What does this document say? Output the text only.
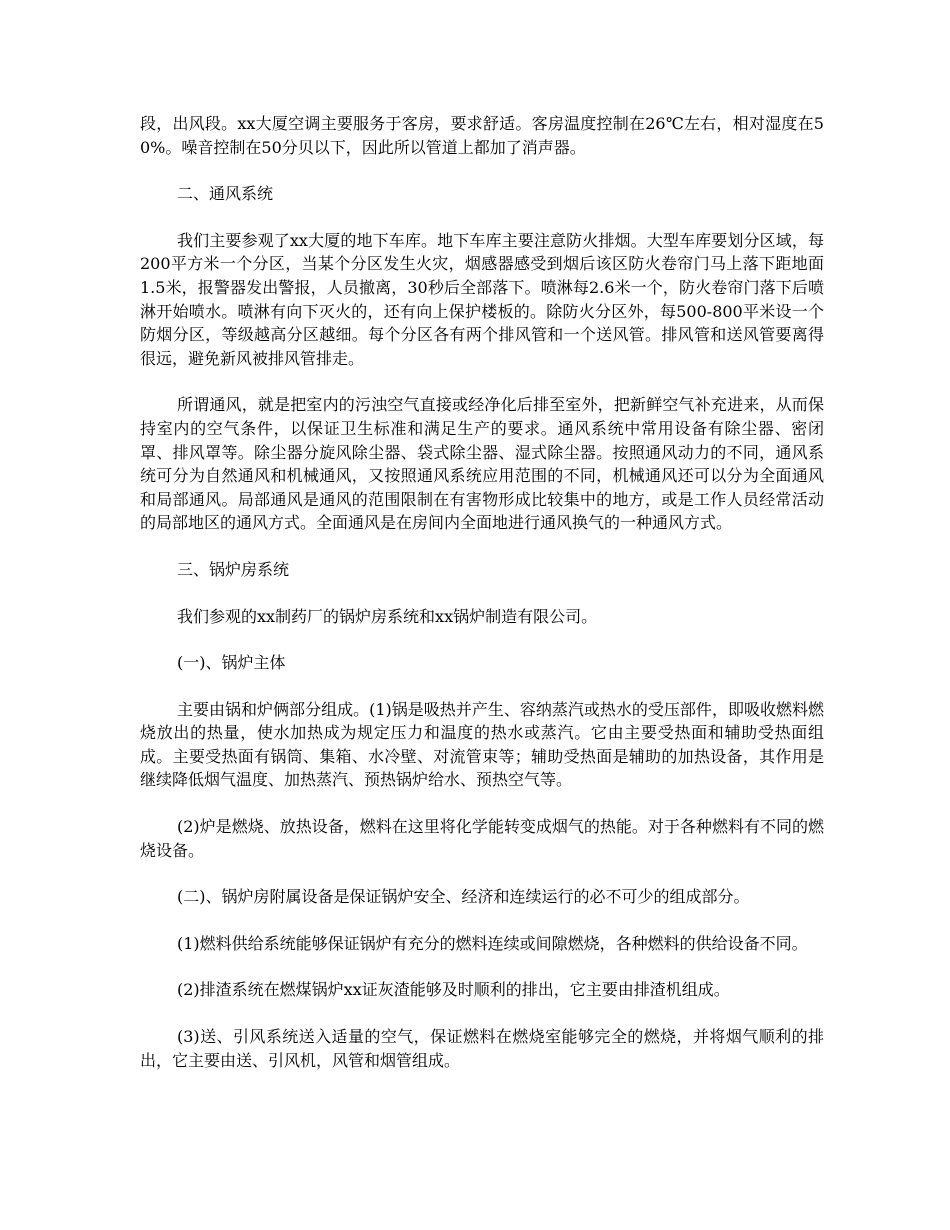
段，出风段。xx大厦空调主要服务于客房，要求舒适。客房温度控制在26℃左右，相对湿度在50%。噪音控制在50分贝以下，因此所以管道上都加了消声器。

二、通风系统

我们主要参观了xx大厦的地下车库。地下车库主要注意防火排烟。大型车库要划分区域，每200平方米一个分区，当某个分区发生火灾，烟感器感受到烟后该区防火卷帘门马上落下距地面1.5米，报警器发出警报，人员撤离，30秒后全部落下。喷淋每2.6米一个，防火卷帘门落下后喷淋开始喷水。喷淋有向下灭火的，还有向上保护楼板的。除防火分区外，每500-800平米设一个防烟分区，等级越高分区越细。每个分区各有两个排风管和一个送风管。排风管和送风管要离得很远，避免新风被排风管排走。

所谓通风，就是把室内的污浊空气直接或经净化后排至室外，把新鲜空气补充进来，从而保持室内的空气条件，以保证卫生标准和满足生产的要求。通风系统中常用设备有除尘器、密闭罩、排风罩等。除尘器分旋风除尘器、袋式除尘器、湿式除尘器。按照通风动力的不同，通风系统可分为自然通风和机械通风，又按照通风系统应用范围的不同，机械通风还可以分为全面通风和局部通风。局部通风是通风的范围限制在有害物形成比较集中的地方，或是工作人员经常活动的局部地区的通风方式。全面通风是在房间内全面地进行通风换气的一种通风方式。

三、锅炉房系统

我们参观的xx制药厂的锅炉房系统和xx锅炉制造有限公司。

(一)、锅炉主体

主要由锅和炉俩部分组成。(1)锅是吸热并产生、容纳蒸汽或热水的受压部件，即吸收燃料燃烧放出的热量，使水加热成为规定压力和温度的热水或蒸汽。它由主要受热面和辅助受热面组成。主要受热面有锅筒、集箱、水冷壁、对流管束等；辅助受热面是辅助的加热设备，其作用是继续降低烟气温度、加热蒸汽、预热锅炉给水、预热空气等。

(2)炉是燃烧、放热设备，燃料在这里将化学能转变成烟气的热能。对于各种燃料有不同的燃烧设备。

(二)、锅炉房附属设备是保证锅炉安全、经济和连续运行的必不可少的组成部分。

(1)燃料供给系统能够保证锅炉有充分的燃料连续或间隙燃烧，各种燃料的供给设备不同。

(2)排渣系统在燃煤锅炉xx证灰渣能够及时顺利的排出，它主要由排渣机组成。

(3)送、引风系统送入适量的空气，保证燃料在燃烧室能够完全的燃烧，并将烟气顺利的排出，它主要由送、引风机，风管和烟管组成。
